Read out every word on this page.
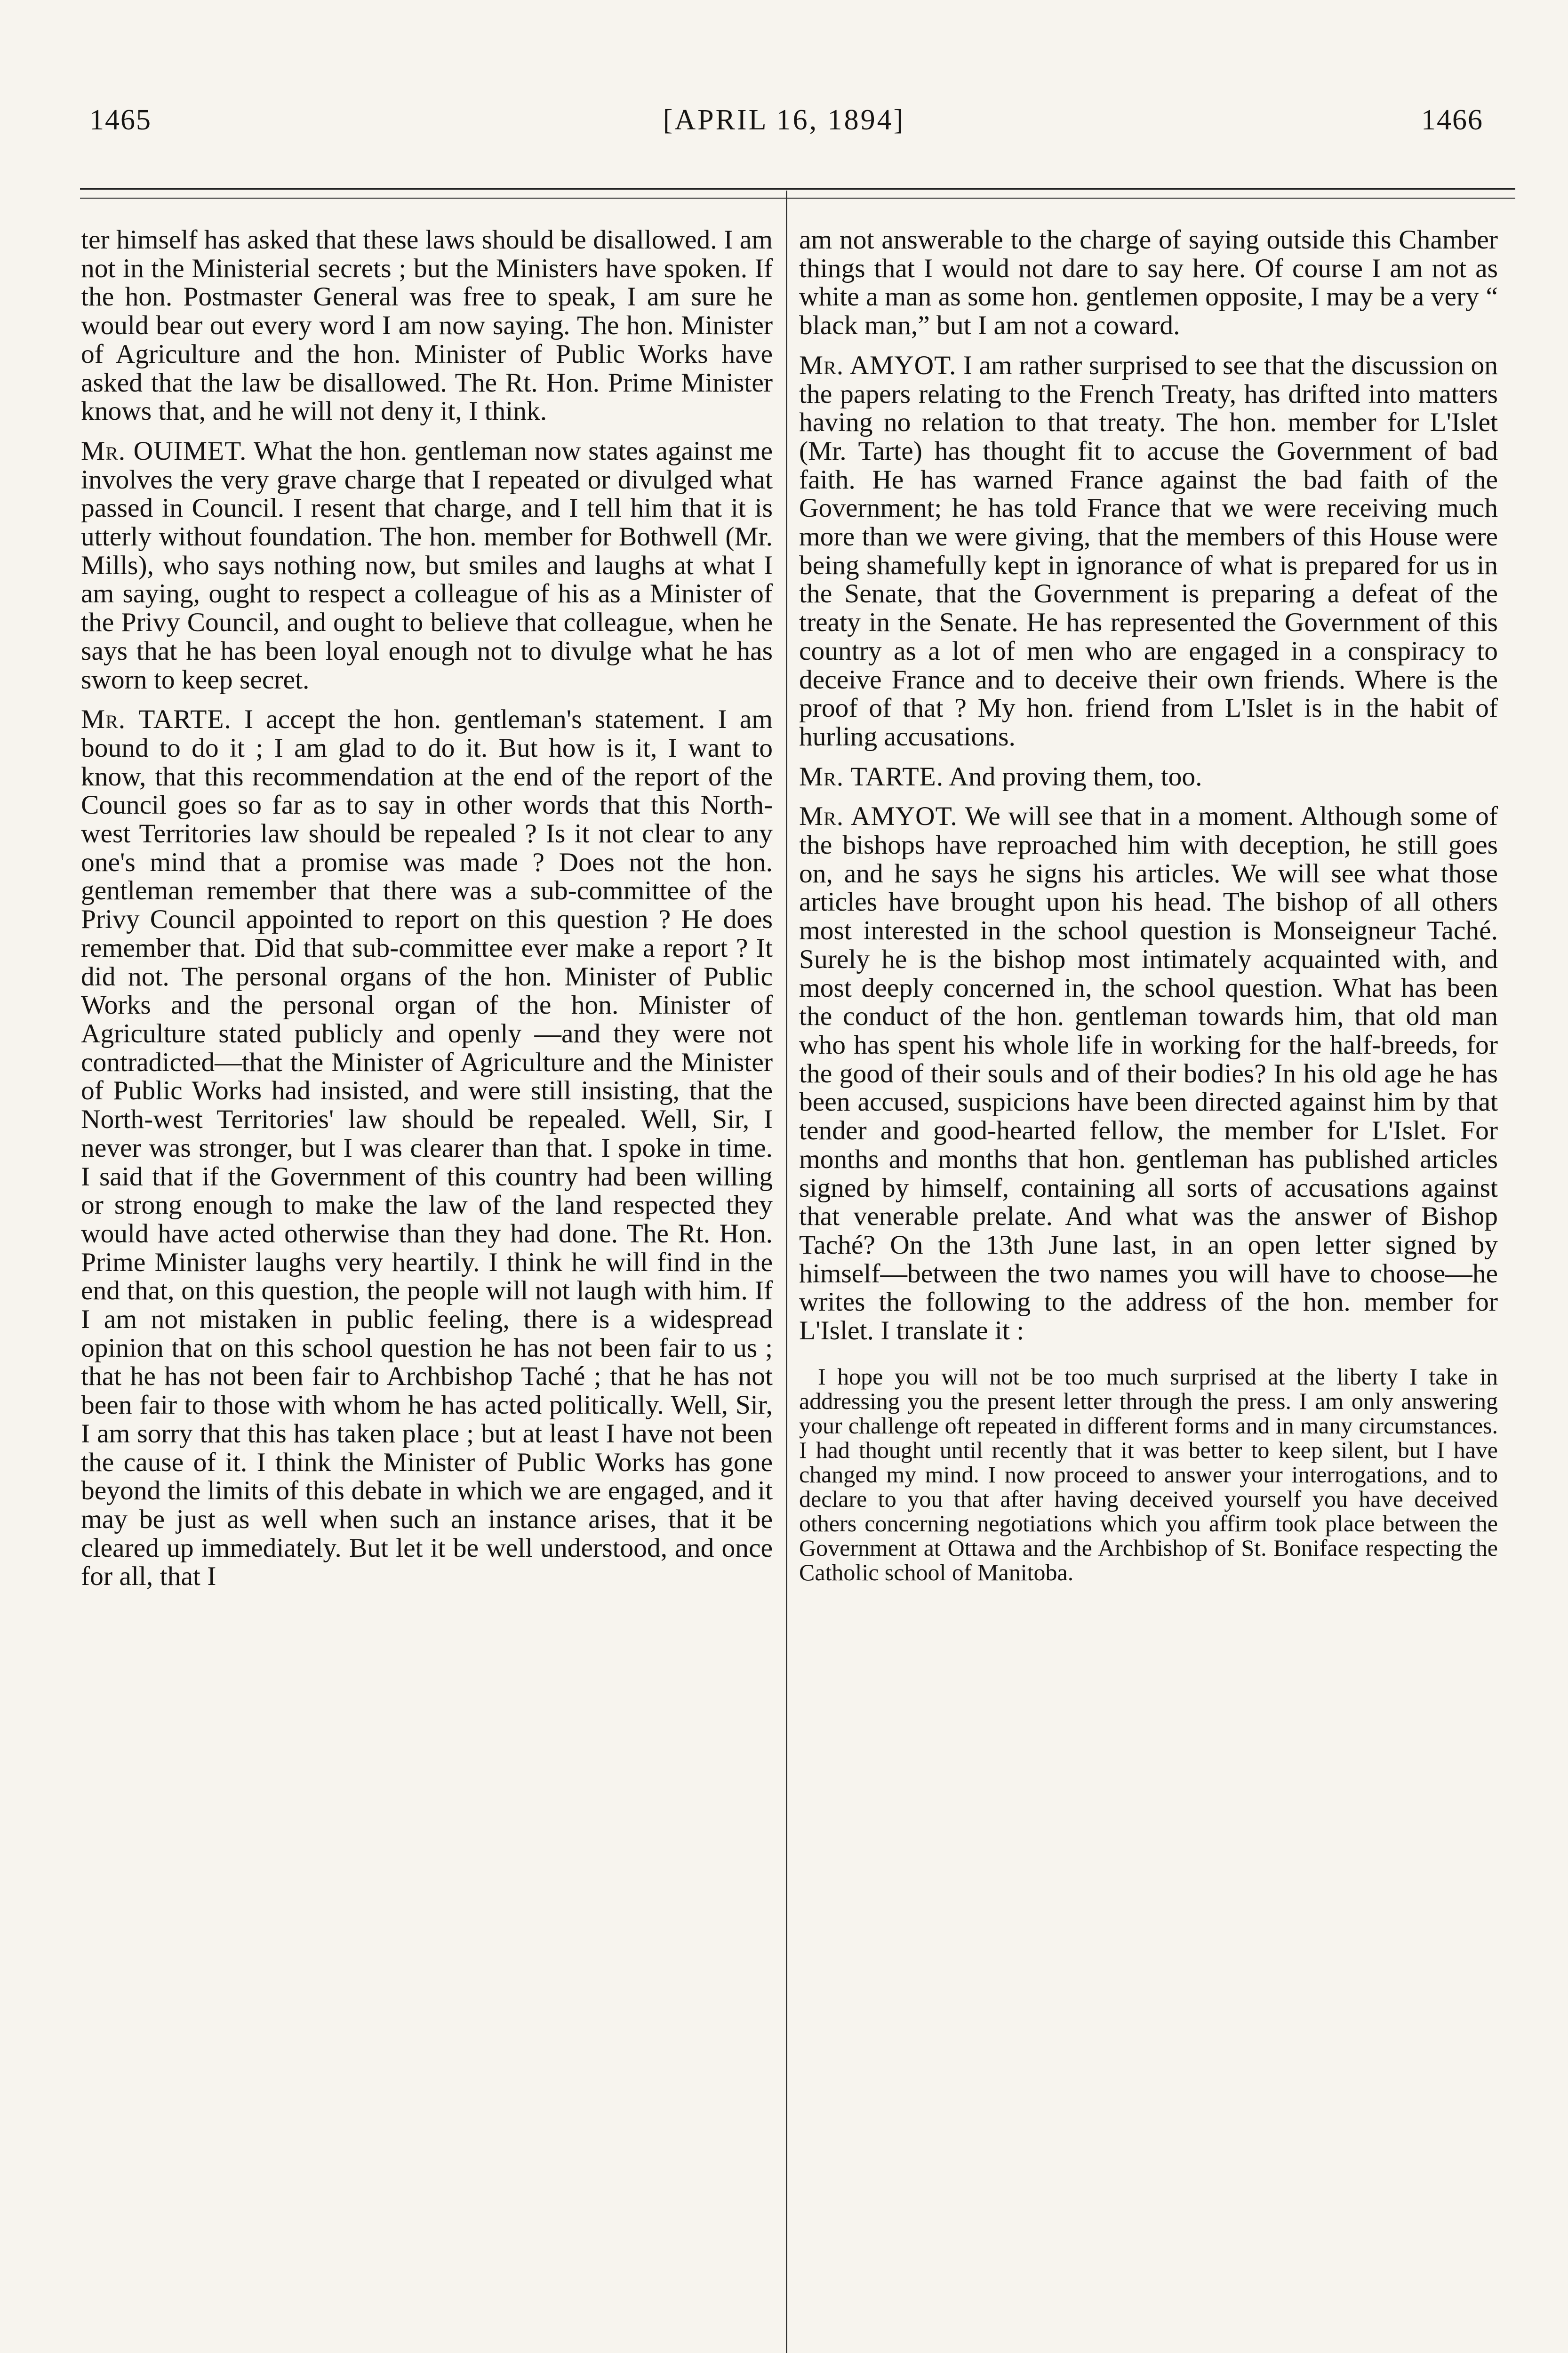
1465	[APRIL 16, 1894]	1466

ter himself has asked that these laws should be disallowed. I am not in the Ministerial secrets ; but the Ministers have spoken. If the hon. Postmaster General was free to speak, I am sure he would bear out every word I am now saying. The hon. Minister of Agriculture and the hon. Minister of Public Works have asked that the law be disallowed. The Rt. Hon. Prime Minister knows that, and he will not deny it, I think.

Mr. OUIMET. What the hon. gentleman now states against me involves the very grave charge that I repeated or divulged what passed in Council. I resent that charge, and I tell him that it is utterly without foundation. The hon. member for Bothwell (Mr. Mills), who says nothing now, but smiles and laughs at what I am saying, ought to respect a colleague of his as a Minister of the Privy Council, and ought to believe that colleague, when he says that he has been loyal enough not to divulge what he has sworn to keep secret.

Mr. TARTE. I accept the hon. gentleman's statement. I am bound to do it ; I am glad to do it. But how is it, I want to know, that this recommendation at the end of the report of the Council goes so far as to say in other words that this North-west Territories law should be repealed ? Is it not clear to any one's mind that a promise was made ? Does not the hon. gentleman remember that there was a sub-committee of the Privy Council appointed to report on this question ? He does remember that. Did that sub-committee ever make a report ? It did not. The personal organs of the hon. Minister of Public Works and the personal organ of the hon. Minister of Agriculture stated publicly and openly —and they were not contradicted—that the Minister of Agriculture and the Minister of Public Works had insisted, and were still insisting, that the North-west Territories' law should be repealed. Well, Sir, I never was stronger, but I was clearer than that. I spoke in time. I said that if the Government of this country had been willing or strong enough to make the law of the land respected they would have acted otherwise than they had done. The Rt. Hon. Prime Minister laughs very heartily. I think he will find in the end that, on this question, the people will not laugh with him. If I am not mistaken in public feeling, there is a widespread opinion that on this school question he has not been fair to us ; that he has not been fair to Archbishop Taché ; that he has not been fair to those with whom he has acted politically. Well, Sir, I am sorry that this has taken place ; but at least I have not been the cause of it. I think the Minister of Public Works has gone beyond the limits of this debate in which we are engaged, and it may be just as well when such an instance arises, that it be cleared up immediately. But let it be well understood, and once for all, that I

am not answerable to the charge of saying outside this Chamber things that I would not dare to say here. Of course I am not as white a man as some hon. gentlemen opposite, I may be a very “ black man,” but I am not a coward.

Mr. AMYOT. I am rather surprised to see that the discussion on the papers relating to the French Treaty, has drifted into matters having no relation to that treaty. The hon. member for L'Islet (Mr. Tarte) has thought fit to accuse the Government of bad faith. He has warned France against the bad faith of the Government; he has told France that we were receiving much more than we were giving, that the members of this House were being shamefully kept in ignorance of what is prepared for us in the Senate, that the Government is preparing a defeat of the treaty in the Senate. He has represented the Government of this country as a lot of men who are engaged in a conspiracy to deceive France and to deceive their own friends. Where is the proof of that ? My hon. friend from L'Islet is in the habit of hurling accusations.

Mr. TARTE. And proving them, too.

Mr. AMYOT. We will see that in a moment. Although some of the bishops have reproached him with deception, he still goes on, and he says he signs his articles. We will see what those articles have brought upon his head. The bishop of all others most interested in the school question is Monseigneur Taché. Surely he is the bishop most intimately acquainted with, and most deeply concerned in, the school question. What has been the conduct of the hon. gentleman towards him, that old man who has spent his whole life in working for the half-breeds, for the good of their souls and of their bodies? In his old age he has been accused, suspicions have been directed against him by that tender and good-hearted fellow, the member for L'Islet. For months and months that hon. gentleman has published articles signed by himself, containing all sorts of accusations against that venerable prelate. And what was the answer of Bishop Taché? On the 13th June last, in an open letter signed by himself—between the two names you will have to choose—he writes the following to the address of the hon. member for L'Islet. I translate it :

I hope you will not be too much surprised at the liberty I take in addressing you the present letter through the press. I am only answering your challenge oft repeated in different forms and in many circumstances. I had thought until recently that it was better to keep silent, but I have changed my mind. I now proceed to answer your interrogations, and to declare to you that after having deceived yourself you have deceived others concerning negotiations which you affirm took place between the Government at Ottawa and the Archbishop of St. Boniface respecting the Catholic school of Manitoba.
